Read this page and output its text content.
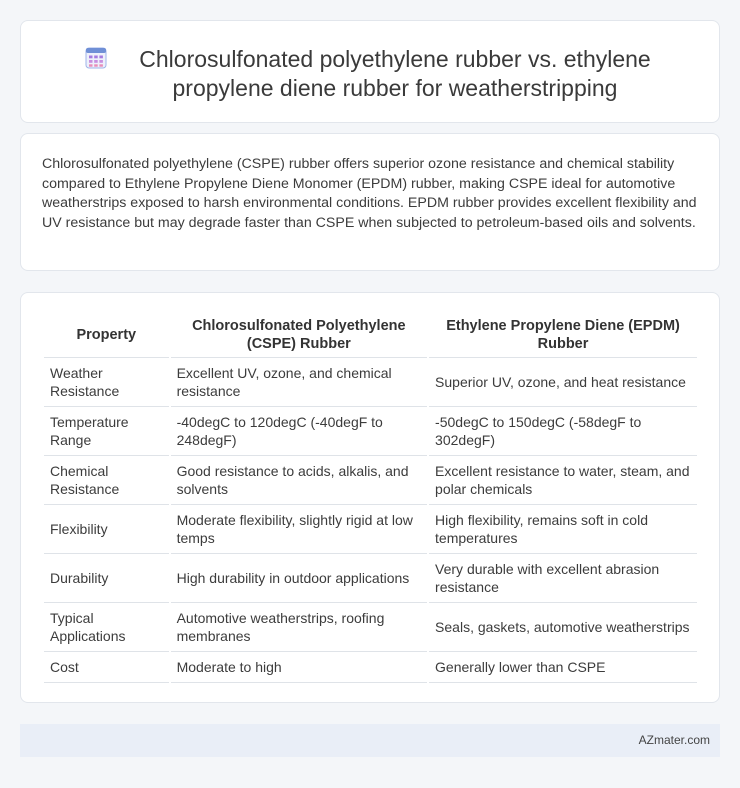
Chlorosulfonated polyethylene rubber vs. ethylene propylene diene rubber for weatherstripping

Chlorosulfonated polyethylene (CSPE) rubber offers superior ozone resistance and chemical stability compared to Ethylene Propylene Diene Monomer (EPDM) rubber, making CSPE ideal for automotive weatherstrips exposed to harsh environmental conditions. EPDM rubber provides excellent flexibility and UV resistance but may degrade faster than CSPE when subjected to petroleum-based oils and solvents.

Property	Chlorosulfonated Polyethylene (CSPE) Rubber	Ethylene Propylene Diene (EPDM) Rubber
Weather Resistance	Excellent UV, ozone, and chemical resistance	Superior UV, ozone, and heat resistance
Temperature Range	-40degC to 120degC (-40degF to 248degF)	-50degC to 150degC (-58degF to 302degF)
Chemical Resistance	Good resistance to acids, alkalis, and solvents	Excellent resistance to water, steam, and polar chemicals
Flexibility	Moderate flexibility, slightly rigid at low temps	High flexibility, remains soft in cold temperatures
Durability	High durability in outdoor applications	Very durable with excellent abrasion resistance
Typical Applications	Automotive weatherstrips, roofing membranes	Seals, gaskets, automotive weatherstrips
Cost	Moderate to high	Generally lower than CSPE
AZmater.com
